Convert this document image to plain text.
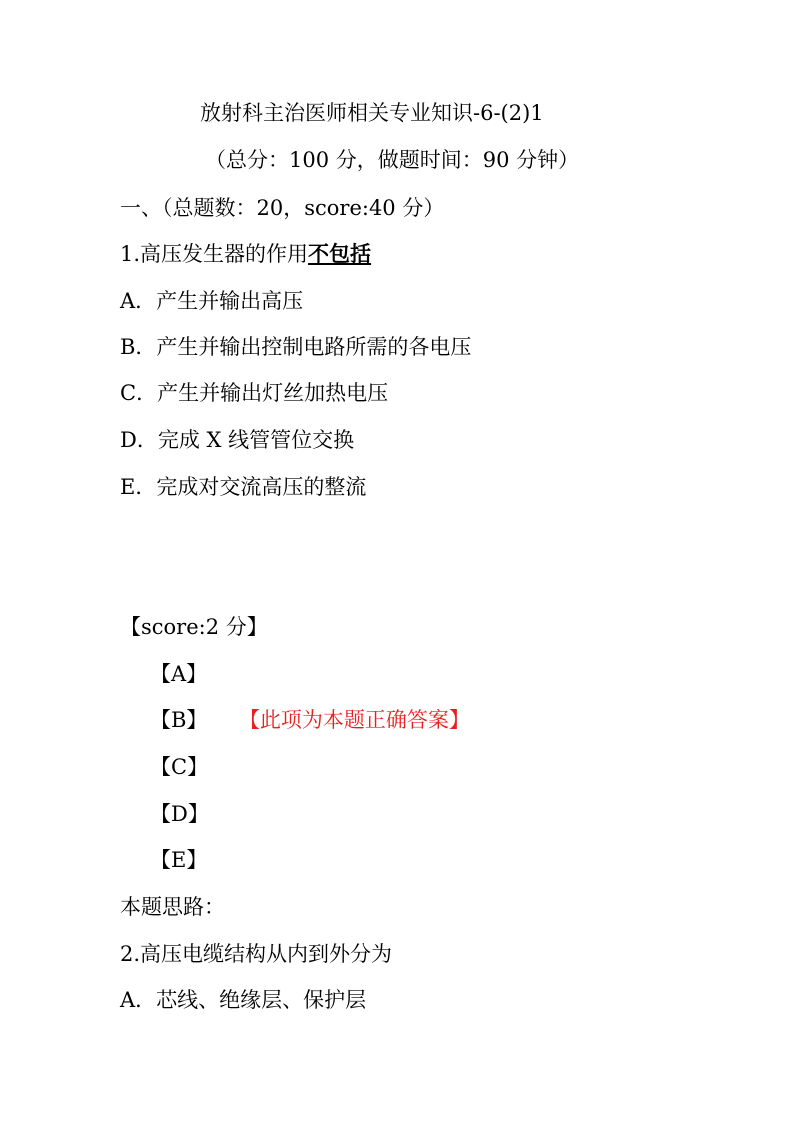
放射科主治医师相关专业知识-6-(2)1
（总分：100 分，做题时间：90 分钟）
一、（总题数：20，score:40 分）
1.高压发生器的作用不包括
A．产生并输出高压
B．产生并输出控制电路所需的各电压
C．产生并输出灯丝加热电压
D．完成 X 线管管位交换
E．完成对交流高压的整流
【score:2 分】
【A】
【B】 【此项为本题正确答案】
【C】
【D】
【E】
本题思路：
2.高压电缆结构从内到外分为
A．芯线、绝缘层、保护层
